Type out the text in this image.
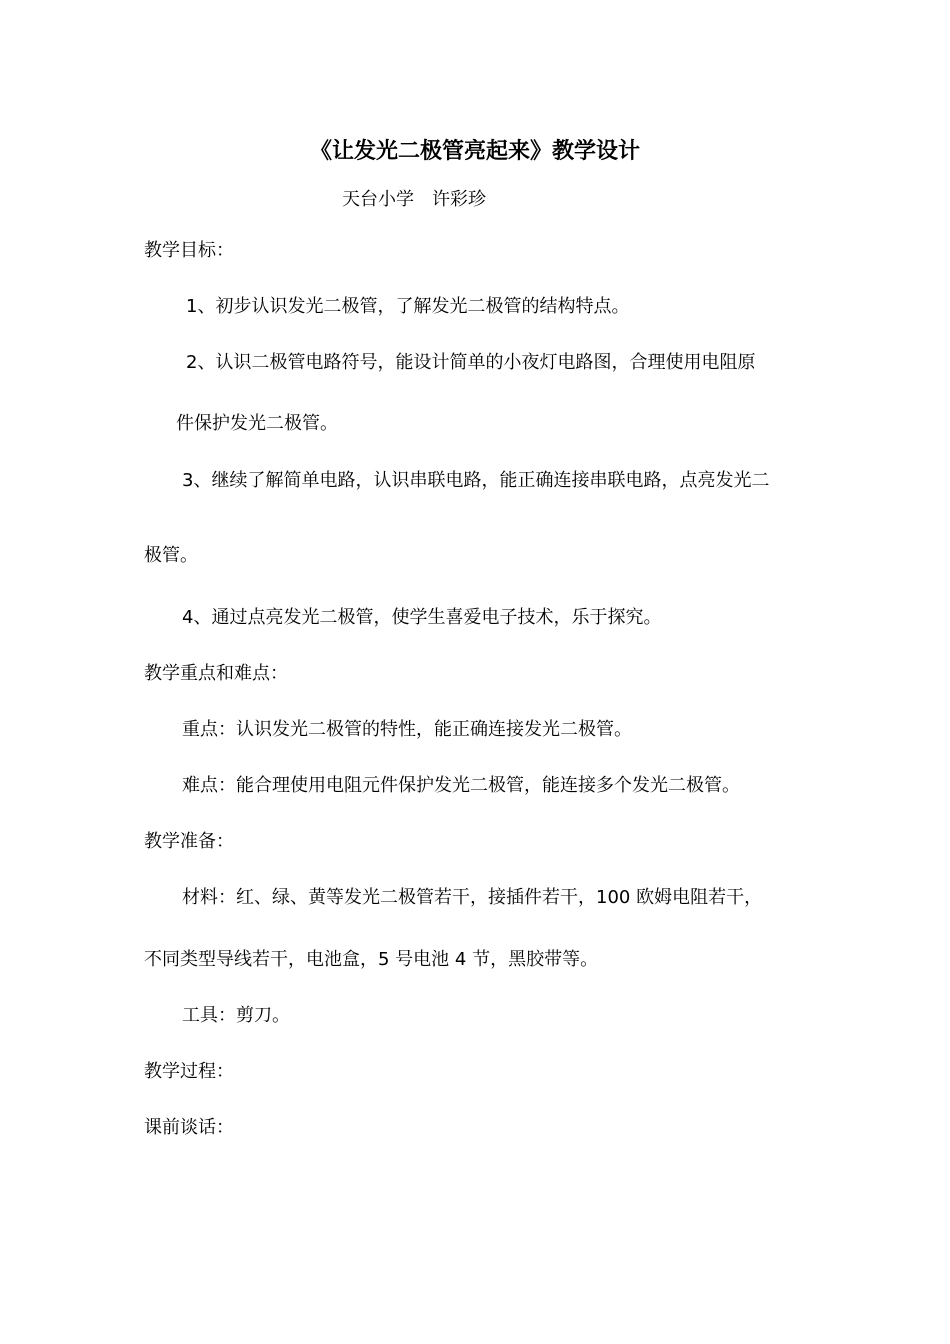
《让发光二极管亮起来》教学设计
天台小学　许彩珍
教学目标：
1、初步认识发光二极管，了解发光二极管的结构特点。
2、认识二极管电路符号，能设计简单的小夜灯电路图，合理使用电阻原
件保护发光二极管。
3、继续了解简单电路，认识串联电路，能正确连接串联电路，点亮发光二
极管。
4、通过点亮发光二极管，使学生喜爱电子技术，乐于探究。
教学重点和难点：
重点：认识发光二极管的特性，能正确连接发光二极管。
难点：能合理使用电阻元件保护发光二极管，能连接多个发光二极管。
教学准备：
材料：红、绿、黄等发光二极管若干，接插件若干，100 欧姆电阻若干，
不同类型导线若干，电池盒，5 号电池 4 节，黑胶带等。
工具：剪刀。
教学过程：
课前谈话：
